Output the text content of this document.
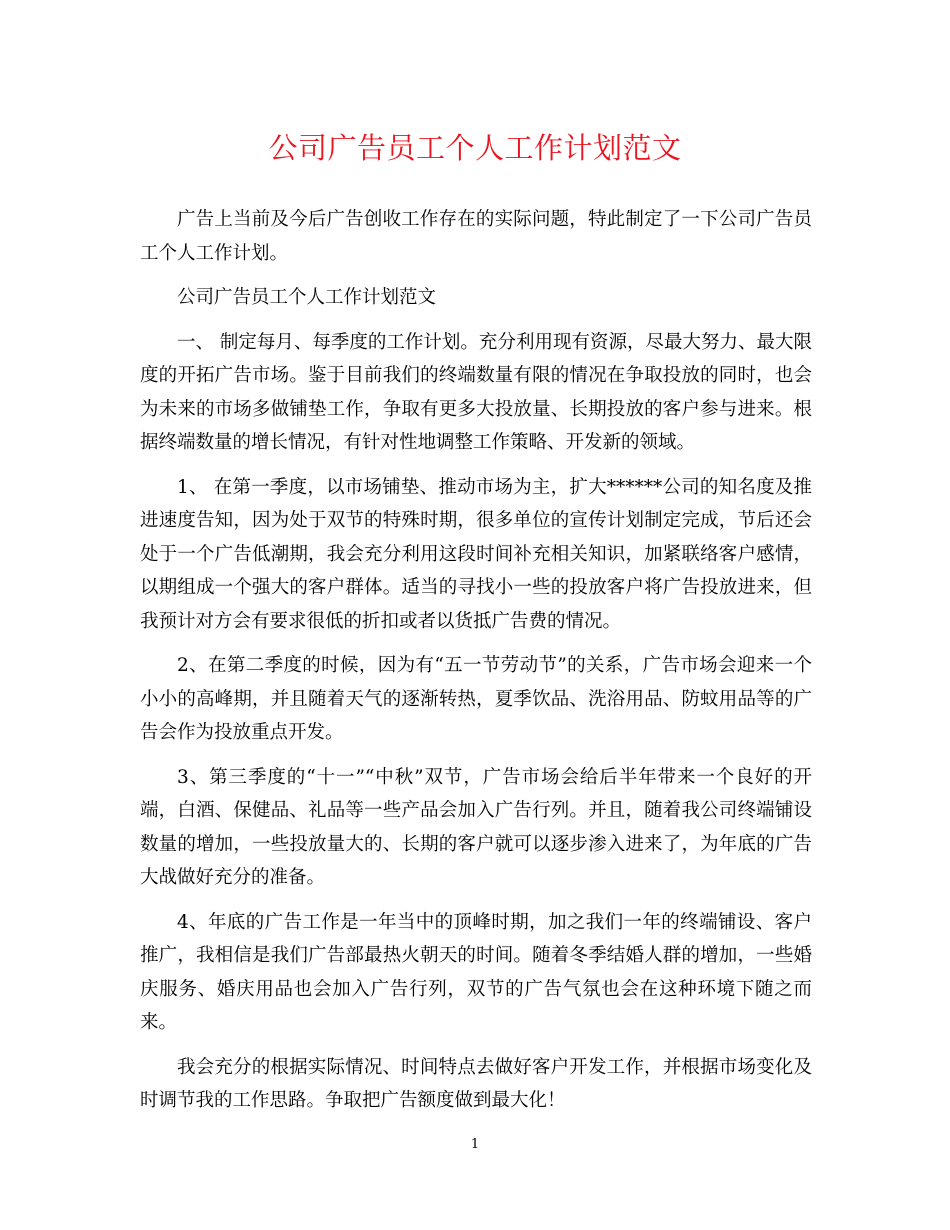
公司广告员工个人工作计划范文

广告上当前及今后广告创收工作存在的实际问题，特此制定了一下公司广告员工个人工作计划。

公司广告员工个人工作计划范文

一、 制定每月、每季度的工作计划。充分利用现有资源，尽最大努力、最大限度的开拓广告市场。鉴于目前我们的终端数量有限的情况在争取投放的同时，也会为未来的市场多做铺垫工作，争取有更多大投放量、长期投放的客户参与进来。根据终端数量的增长情况，有针对性地调整工作策略、开发新的领域。

1、 在第一季度，以市场铺垫、推动市场为主，扩大******公司的知名度及推进速度告知，因为处于双节的特殊时期，很多单位的宣传计划制定完成，节后还会处于一个广告低潮期，我会充分利用这段时间补充相关知识，加紧联络客户感情，以期组成一个强大的客户群体。适当的寻找小一些的投放客户将广告投放进来，但我预计对方会有要求很低的折扣或者以货抵广告费的情况。

2、在第二季度的时候，因为有“五一节劳动节”的关系，广告市场会迎来一个小小的高峰期，并且随着天气的逐渐转热，夏季饮品、洗浴用品、防蚊用品等的广告会作为投放重点开发。

3、第三季度的“十一”“中秋”双节，广告市场会给后半年带来一个良好的开端，白酒、保健品、礼品等一些产品会加入广告行列。并且，随着我公司终端铺设数量的增加，一些投放量大的、长期的客户就可以逐步渗入进来了，为年底的广告大战做好充分的准备。

4、年底的广告工作是一年当中的顶峰时期，加之我们一年的终端铺设、客户推广，我相信是我们广告部最热火朝天的时间。随着冬季结婚人群的增加，一些婚庆服务、婚庆用品也会加入广告行列，双节的广告气氛也会在这种环境下随之而来。

我会充分的根据实际情况、时间特点去做好客户开发工作，并根据市场变化及时调节我的工作思路。争取把广告额度做到最大化！

1
